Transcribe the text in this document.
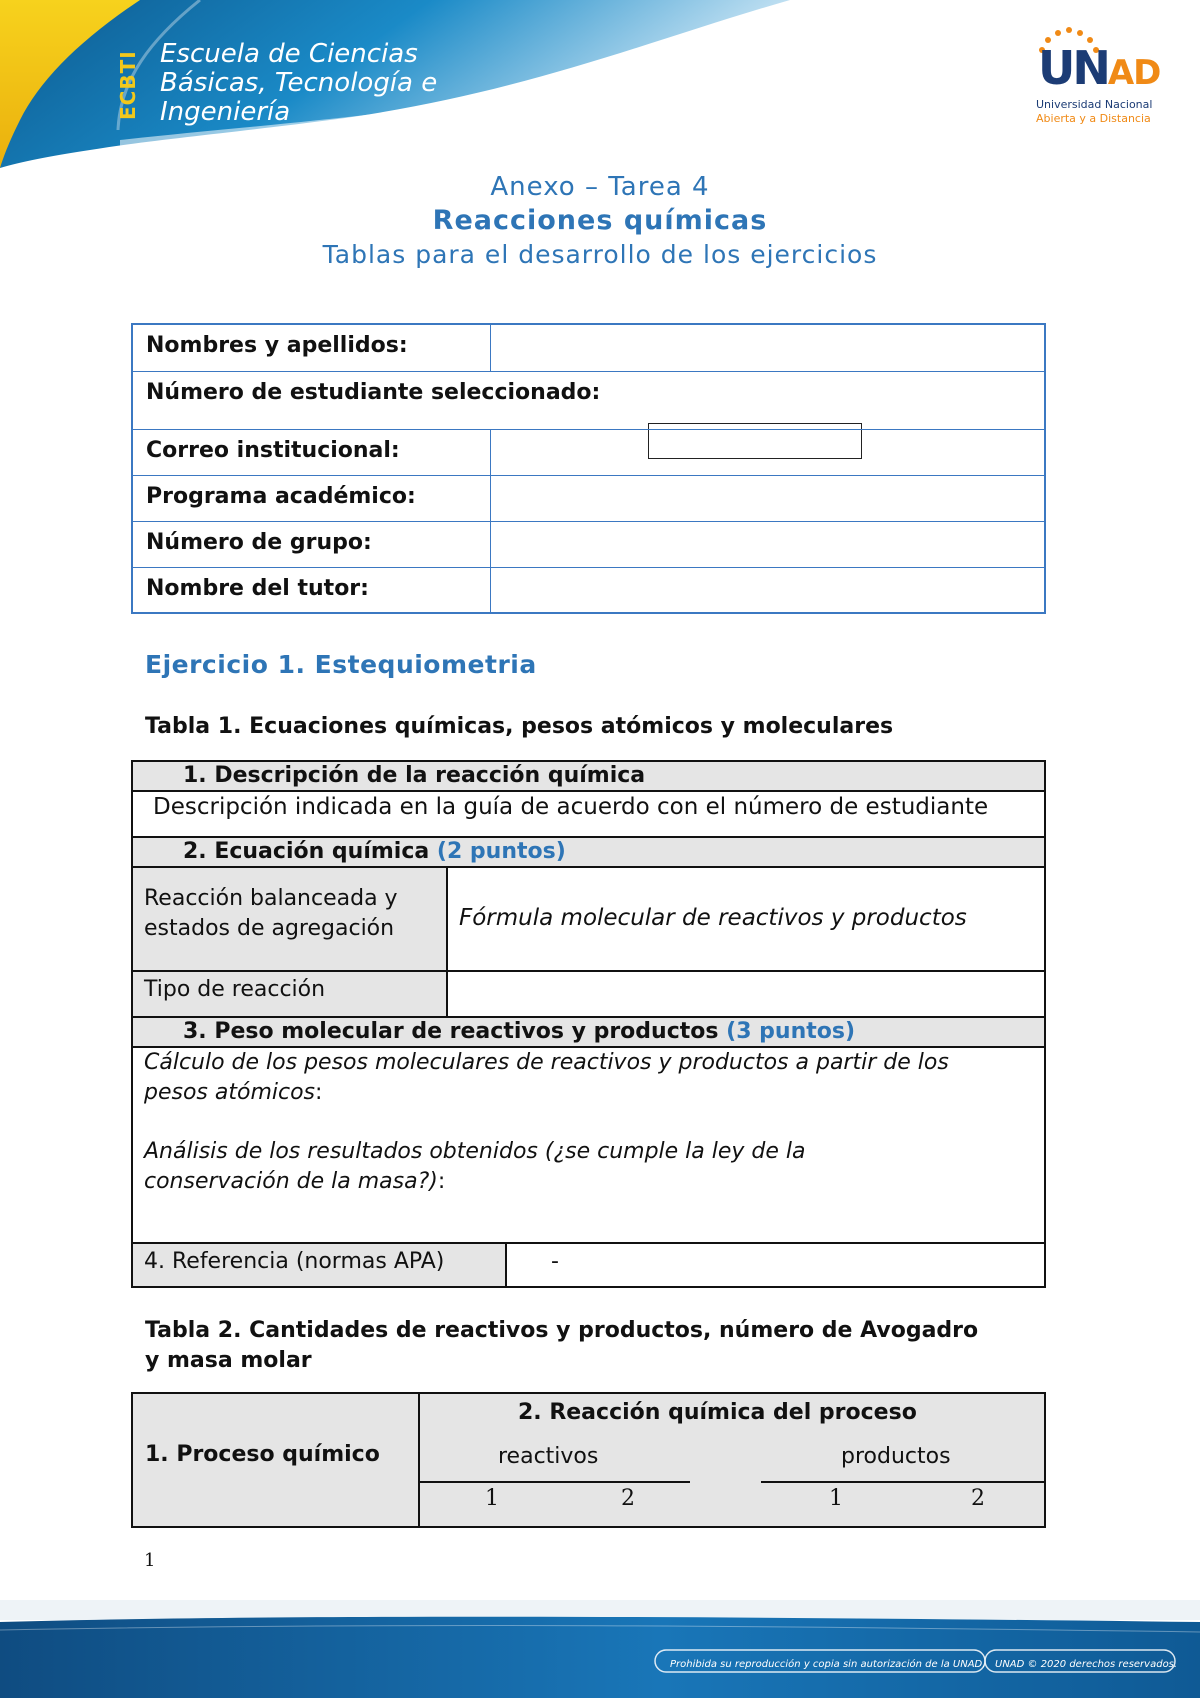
ECBTI Escuela de Ciencias
Básicas, Tecnología e
Ingeniería
UNAD
Universidad Nacional
Abierta y a Distancia
Anexo – Tarea 4
Reacciones químicas
Tablas para el desarrollo de los ejercicios
Nombres y apellidos:
Número de estudiante seleccionado:
Correo institucional:
Programa académico:
Número de grupo:
Nombre del tutor:
Ejercicio 1. Estequiometria
Tabla 1. Ecuaciones químicas, pesos atómicos y moleculares
1. Descripción de la reacción química
Descripción indicada en la guía de acuerdo con el número de estudiante
2. Ecuación química (2 puntos)
Reacción balanceada y
estados de agregación	Fórmula molecular de reactivos y productos
Tipo de reacción
3. Peso molecular de reactivos y productos (3 puntos)
Cálculo de los pesos moleculares de reactivos y productos a partir de los
pesos atómicos:
Análisis de los resultados obtenidos (¿se cumple la ley de la
conservación de la masa?):
4. Referencia (normas APA)	-
Tabla 2. Cantidades de reactivos y productos, número de Avogadro
y masa molar
1. Proceso químico
2. Reacción química del proceso
reactivos	productos
1	2	1	2
1
Prohibida su reproducción y copia sin autorización de la UNAD. UNAD © 2020 derechos reservados.
